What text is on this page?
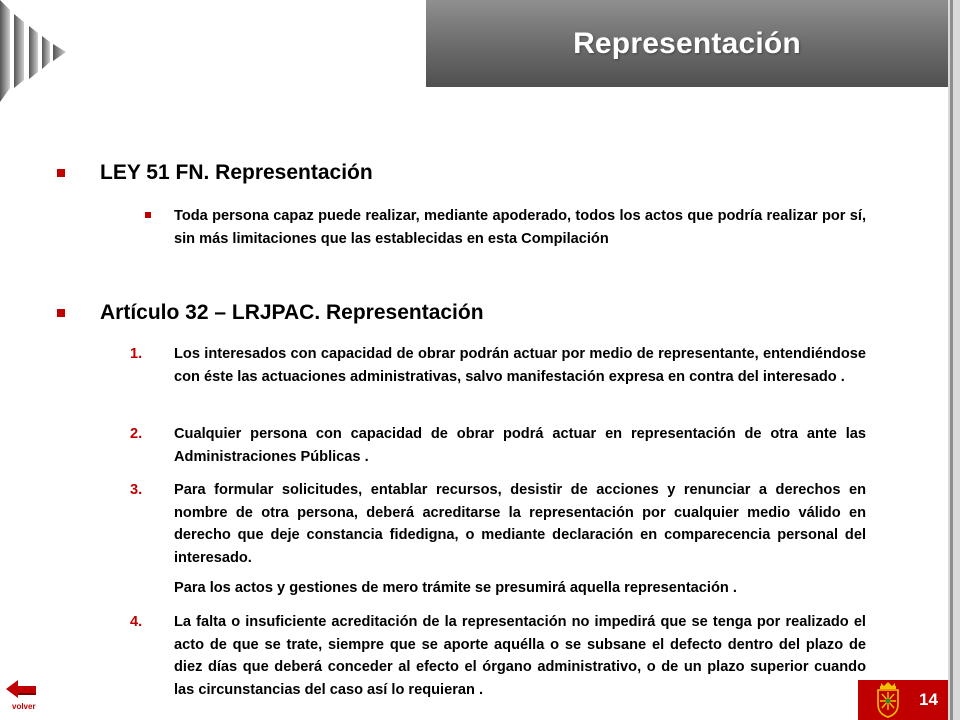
Representación
LEY 51 FN. Representación
Toda persona capaz puede realizar, mediante apoderado, todos los actos que podría realizar por sí, sin más limitaciones que las establecidas en esta Compilación
Artículo 32 – LRJPAC. Representación
1. Los interesados con capacidad de obrar podrán actuar por medio de representante, entendiéndose con éste las actuaciones administrativas, salvo manifestación expresa en contra del interesado .
2. Cualquier persona con capacidad de obrar podrá actuar en representación de otra ante las Administraciones Públicas .
3. Para formular solicitudes, entablar recursos, desistir de acciones y renunciar a derechos en nombre de otra persona, deberá acreditarse la representación por cualquier medio válido en derecho que deje constancia fidedigna, o mediante declaración en comparecencia personal del interesado.
Para los actos y gestiones de mero trámite se presumirá aquella representación .
4. La falta o insuficiente acreditación de la representación no impedirá que se tenga por realizado el acto de que se trate, siempre que se aporte aquélla o se subsane el defecto dentro del plazo de diez días que deberá conceder al efecto el órgano administrativo, o de un plazo superior cuando las circunstancias del caso así lo requieran .
volver	14
